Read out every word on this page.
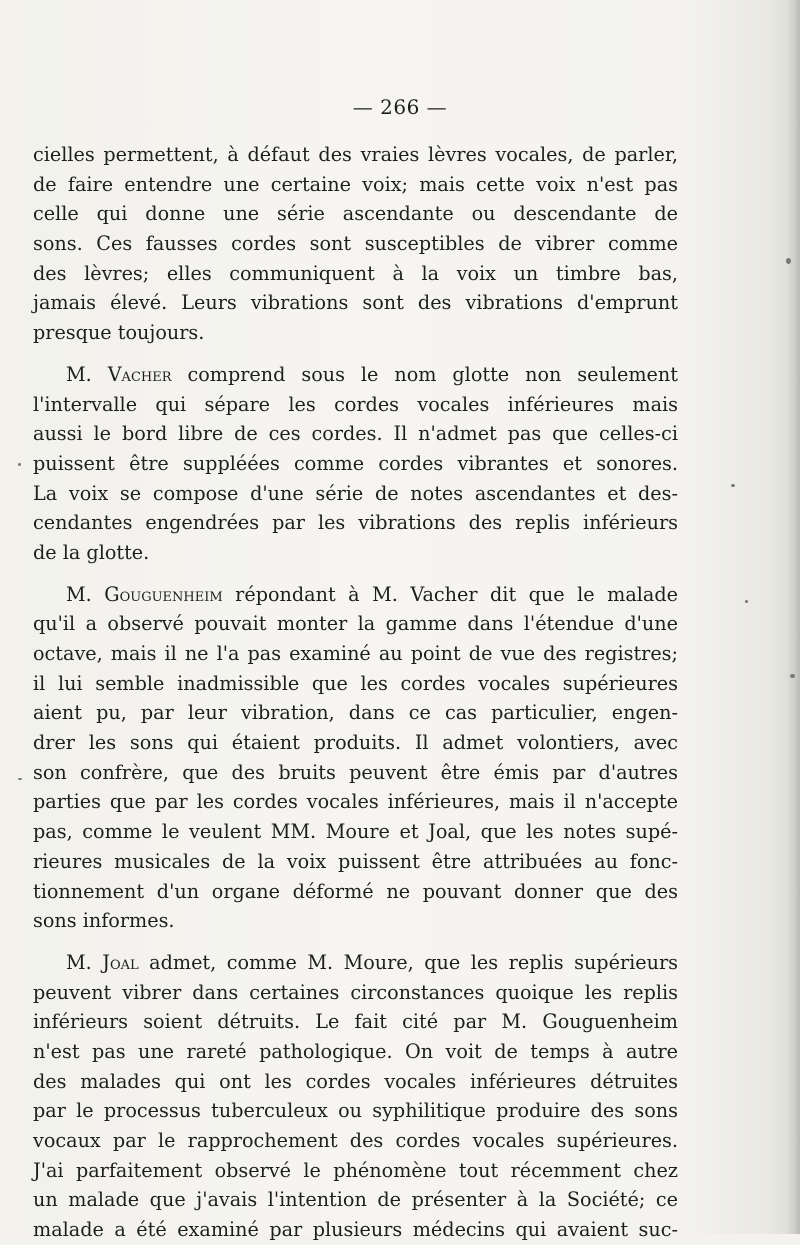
— 266 —
cielles permettent, à défaut des vraies lèvres vocales, de parler,
de faire entendre une certaine voix; mais cette voix n'est pas
celle qui donne une série ascendante ou descendante de
sons. Ces fausses cordes sont susceptibles de vibrer comme
des lèvres; elles communiquent à la voix un timbre bas,
jamais élevé. Leurs vibrations sont des vibrations d'emprunt
presque toujours.
M. Vacher comprend sous le nom glotte non seulement
l'intervalle qui sépare les cordes vocales inférieures mais
aussi le bord libre de ces cordes. Il n'admet pas que celles-ci
puissent être suppléées comme cordes vibrantes et sonores.
La voix se compose d'une série de notes ascendantes et des-
cendantes engendrées par les vibrations des replis inférieurs
de la glotte.
M. Gouguenheim répondant à M. Vacher dit que le malade
qu'il a observé pouvait monter la gamme dans l'étendue d'une
octave, mais il ne l'a pas examiné au point de vue des registres;
il lui semble inadmissible que les cordes vocales supérieures
aient pu, par leur vibration, dans ce cas particulier, engen-
drer les sons qui étaient produits. Il admet volontiers, avec
son confrère, que des bruits peuvent être émis par d'autres
parties que par les cordes vocales inférieures, mais il n'accepte
pas, comme le veulent MM. Moure et Joal, que les notes supé-
rieures musicales de la voix puissent être attribuées au fonc-
tionnement d'un organe déformé ne pouvant donner que des
sons informes.
M. Joal admet, comme M. Moure, que les replis supérieurs
peuvent vibrer dans certaines circonstances quoique les replis
inférieurs soient détruits. Le fait cité par M. Gouguenheim
n'est pas une rareté pathologique. On voit de temps à autre
des malades qui ont les cordes vocales inférieures détruites
par le processus tuberculeux ou syphilitique produire des sons
vocaux par le rapprochement des cordes vocales supérieures.
J'ai parfaitement observé le phénomène tout récemment chez
un malade que j'avais l'intention de présenter à la Société; ce
malade a été examiné par plusieurs médecins qui avaient suc-
